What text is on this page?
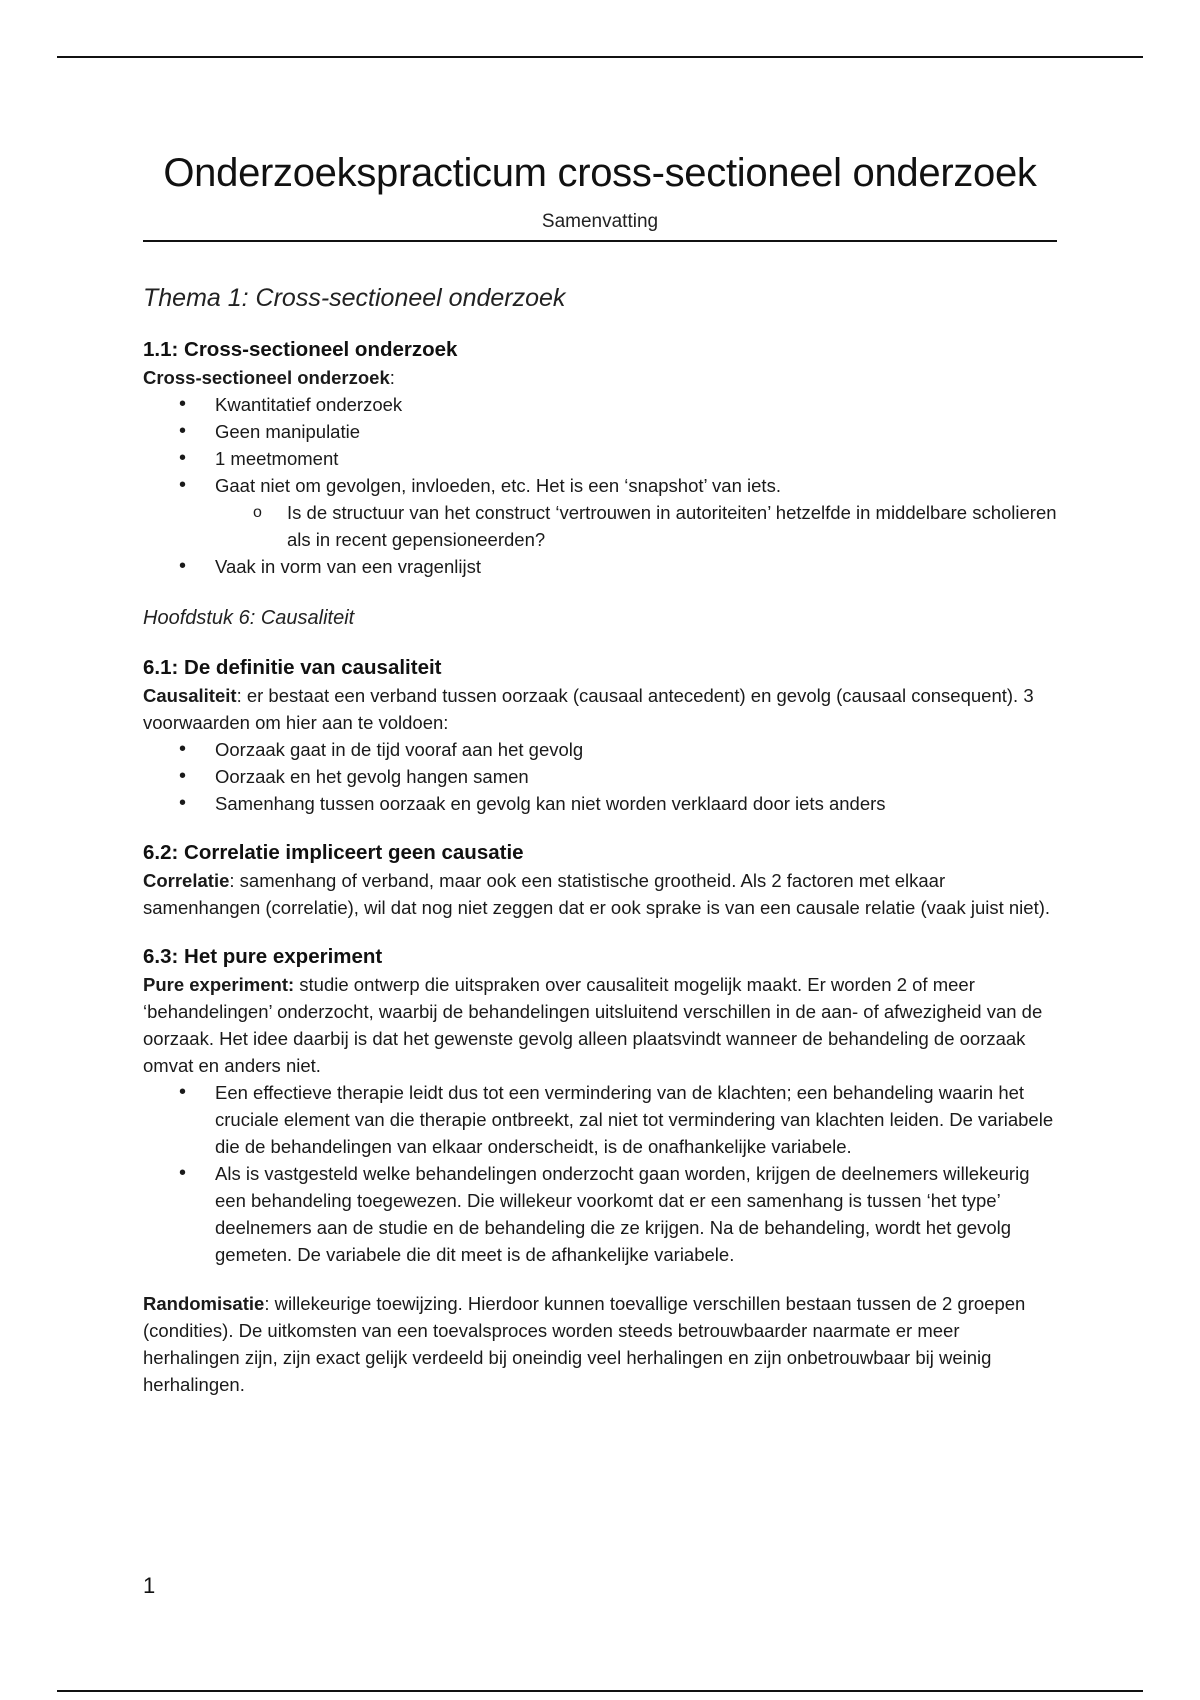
Onderzoekspracticum cross-sectioneel onderzoek
Samenvatting
Thema 1: Cross-sectioneel onderzoek
1.1: Cross-sectioneel onderzoek

Cross-sectioneel onderzoek:

• Kwantitatief onderzoek
• Geen manipulatie
• 1 meetmoment
• Gaat niet om gevolgen, invloeden, etc. Het is een ‘snapshot’ van iets.
o Is de structuur van het construct ‘vertrouwen in autoriteiten’ hetzelfde in middelbare scholieren als in recent gepensioneerden?
• Vaak in vorm van een vragenlijst
Hoofdstuk 6: Causaliteit
6.1: De definitie van causaliteit

Causaliteit: er bestaat een verband tussen oorzaak (causaal antecedent) en gevolg (causaal consequent). 3 voorwaarden om hier aan te voldoen:

• Oorzaak gaat in de tijd vooraf aan het gevolg
• Oorzaak en het gevolg hangen samen
• Samenhang tussen oorzaak en gevolg kan niet worden verklaard door iets anders
6.2: Correlatie impliceert geen causatie

Correlatie: samenhang of verband, maar ook een statistische grootheid. Als 2 factoren met elkaar samenhangen (correlatie), wil dat nog niet zeggen dat er ook sprake is van een causale relatie (vaak juist niet).

6.3: Het pure experiment

Pure experiment: studie ontwerp die uitspraken over causaliteit mogelijk maakt. Er worden 2 of meer ‘behandelingen’ onderzocht, waarbij de behandelingen uitsluitend verschillen in de aan- of afwezigheid van de oorzaak. Het idee daarbij is dat het gewenste gevolg alleen plaatsvindt wanneer de behandeling de oorzaak omvat en anders niet.

• Een effectieve therapie leidt dus tot een vermindering van de klachten; een behandeling waarin het cruciale element van die therapie ontbreekt, zal niet tot vermindering van klachten leiden. De variabele die de behandelingen van elkaar onderscheidt, is de onafhankelijke variabele.
• Als is vastgesteld welke behandelingen onderzocht gaan worden, krijgen de deelnemers willekeurig een behandeling toegewezen. Die willekeur voorkomt dat er een samenhang is tussen ‘het type’ deelnemers aan de studie en de behandeling die ze krijgen. Na de behandeling, wordt het gevolg gemeten. De variabele die dit meet is de afhankelijke variabele.

Randomisatie: willekeurige toewijzing. Hierdoor kunnen toevallige verschillen bestaan tussen de 2 groepen (condities). De uitkomsten van een toevalsproces worden steeds betrouwbaarder naarmate er meer herhalingen zijn, zijn exact gelijk verdeeld bij oneindig veel herhalingen en zijn onbetrouwbaar bij weinig herhalingen.

1
